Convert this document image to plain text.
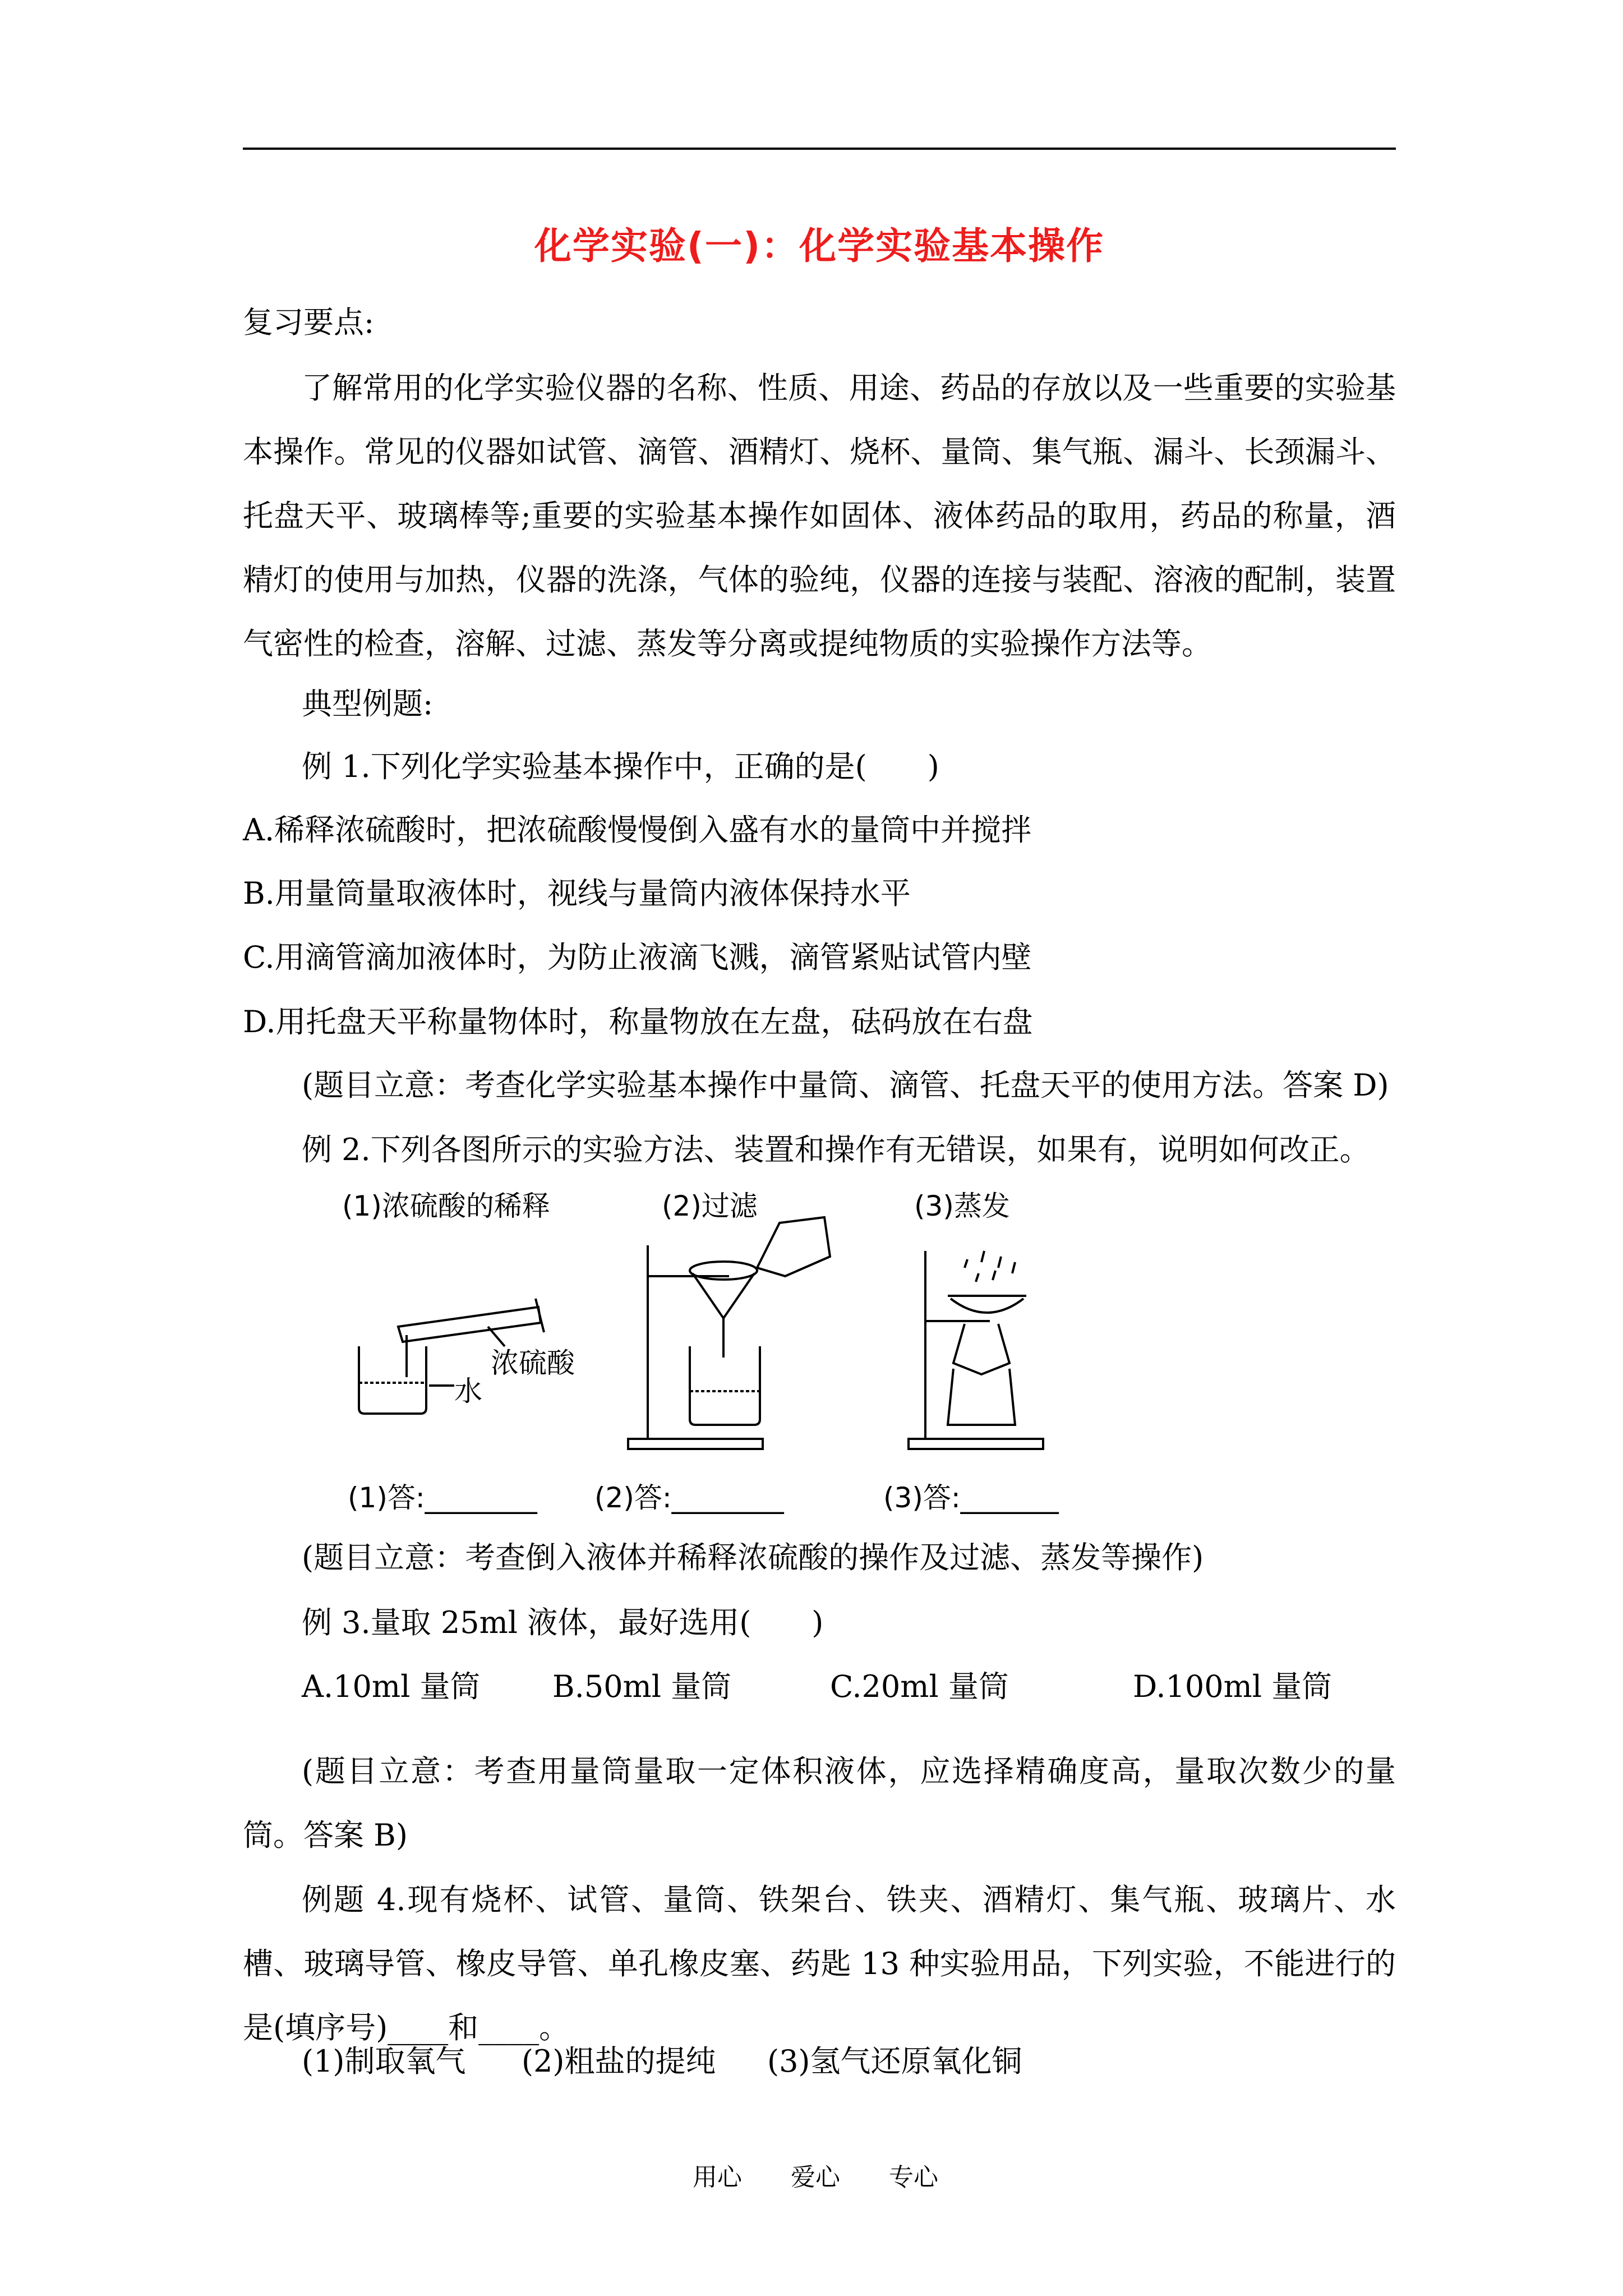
化学实验(一)：化学实验基本操作
复习要点:
了解常用的化学实验仪器的名称、性质、用途、药品的存放以及一些重要的实验基本操作。常见的仪器如试管、滴管、酒精灯、烧杯、量筒、集气瓶、漏斗、长颈漏斗、托盘天平、玻璃棒等;重要的实验基本操作如固体、液体药品的取用，药品的称量，酒精灯的使用与加热，仪器的洗涤，气体的验纯，仪器的连接与装配、溶液的配制，装置气密性的检查，溶解、过滤、蒸发等分离或提纯物质的实验操作方法等。
典型例题:
例 1.下列化学实验基本操作中，正确的是(　　)
A.稀释浓硫酸时，把浓硫酸慢慢倒入盛有水的量筒中并搅拌
B.用量筒量取液体时，视线与量筒内液体保持水平
C.用滴管滴加液体时，为防止液滴飞溅，滴管紧贴试管内壁
D.用托盘天平称量物体时，称量物放在左盘，砝码放在右盘
(题目立意：考查化学实验基本操作中量筒、滴管、托盘天平的使用方法。答案 D)
例 2.下列各图所示的实验方法、装置和操作有无错误，如果有，说明如何改正。
(1)浓硫酸的稀释	(2)过滤	(3)蒸发
浓硫酸
水
(1)答:________ (2)答:________	(3)答:_______
(题目立意：考查倒入液体并稀释浓硫酸的操作及过滤、蒸发等操作)
例 3.量取 25ml 液体，最好选用(　　)
A.10ml 量筒 B.50ml 量筒	C.20ml 量筒	D.100ml 量筒
(题目立意：考查用量筒量取一定体积液体，应选择精确度高，量取次数少的量筒。答案 B)
例题 4.现有烧杯、试管、量筒、铁架台、铁夹、酒精灯、集气瓶、玻璃片、水槽、玻璃导管、橡皮导管、单孔橡皮塞、药匙 13 种实验用品，下列实验，不能进行的是(填序号)____和____。
(1)制取氧气 (2)粗盐的提纯 (3)氢气还原氧化铜
用心 爱心 专心
